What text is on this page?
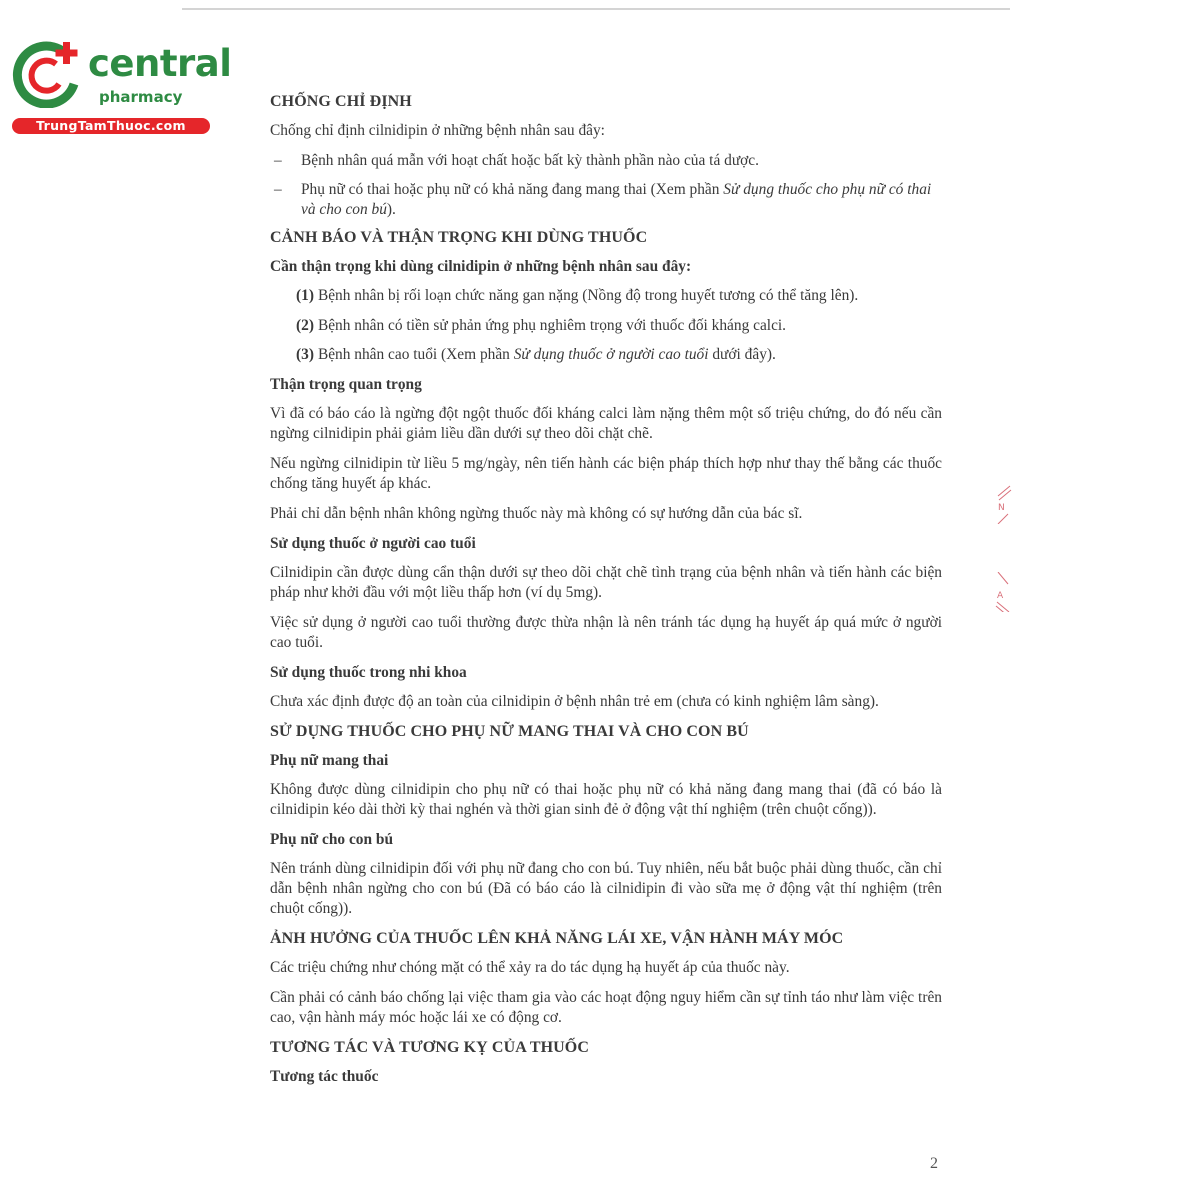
central
pharmacy
TrungTamThuoc.com
CHỐNG CHỈ ĐỊNH
Chống chỉ định cilnidipin ở những bệnh nhân sau đây:
– Bệnh nhân quá mẫn với hoạt chất hoặc bất kỳ thành phần nào của tá dược.
– Phụ nữ có thai hoặc phụ nữ có khả năng đang mang thai (Xem phần Sử dụng thuốc cho phụ nữ có thai và cho con bú).
CẢNH BÁO VÀ THẬN TRỌNG KHI DÙNG THUỐC
Cần thận trọng khi dùng cilnidipin ở những bệnh nhân sau đây:
(1) Bệnh nhân bị rối loạn chức năng gan nặng (Nồng độ trong huyết tương có thể tăng lên).
(2) Bệnh nhân có tiền sử phản ứng phụ nghiêm trọng với thuốc đối kháng calci.
(3) Bệnh nhân cao tuổi (Xem phần Sử dụng thuốc ở người cao tuổi dưới đây).
Thận trọng quan trọng
Vì đã có báo cáo là ngừng đột ngột thuốc đối kháng calci làm nặng thêm một số triệu chứng, do đó nếu cần ngừng cilnidipin phải giảm liều dần dưới sự theo dõi chặt chẽ.
Nếu ngừng cilnidipin từ liều 5 mg/ngày, nên tiến hành các biện pháp thích hợp như thay thế bằng các thuốc chống tăng huyết áp khác.
Phải chỉ dẫn bệnh nhân không ngừng thuốc này mà không có sự hướng dẫn của bác sĩ.
Sử dụng thuốc ở người cao tuổi
Cilnidipin cần được dùng cẩn thận dưới sự theo dõi chặt chẽ tình trạng của bệnh nhân và tiến hành các biện pháp như khởi đầu với một liều thấp hơn (ví dụ 5mg).
Việc sử dụng ở người cao tuổi thường được thừa nhận là nên tránh tác dụng hạ huyết áp quá mức ở người cao tuổi.
Sử dụng thuốc trong nhi khoa
Chưa xác định được độ an toàn của cilnidipin ở bệnh nhân trẻ em (chưa có kinh nghiệm lâm sàng).
SỬ DỤNG THUỐC CHO PHỤ NỮ MANG THAI VÀ CHO CON BÚ
Phụ nữ mang thai
Không được dùng cilnidipin cho phụ nữ có thai hoặc phụ nữ có khả năng đang mang thai (đã có báo là cilnidipin kéo dài thời kỳ thai nghén và thời gian sinh đẻ ở động vật thí nghiệm (trên chuột cống)).
Phụ nữ cho con bú
Nên tránh dùng cilnidipin đối với phụ nữ đang cho con bú. Tuy nhiên, nếu bắt buộc phải dùng thuốc, cần chỉ dẫn bệnh nhân ngừng cho con bú (Đã có báo cáo là cilnidipin đi vào sữa mẹ ở động vật thí nghiệm (trên chuột cống)).
ẢNH HƯỞNG CỦA THUỐC LÊN KHẢ NĂNG LÁI XE, VẬN HÀNH MÁY MÓC
Các triệu chứng như chóng mặt có thể xảy ra do tác dụng hạ huyết áp của thuốc này.
Cần phải có cảnh báo chống lại việc tham gia vào các hoạt động nguy hiểm cần sự tỉnh táo như làm việc trên cao, vận hành máy móc hoặc lái xe có động cơ.
TƯƠNG TÁC VÀ TƯƠNG KỴ CỦA THUỐC
Tương tác thuốc
N
A
2
